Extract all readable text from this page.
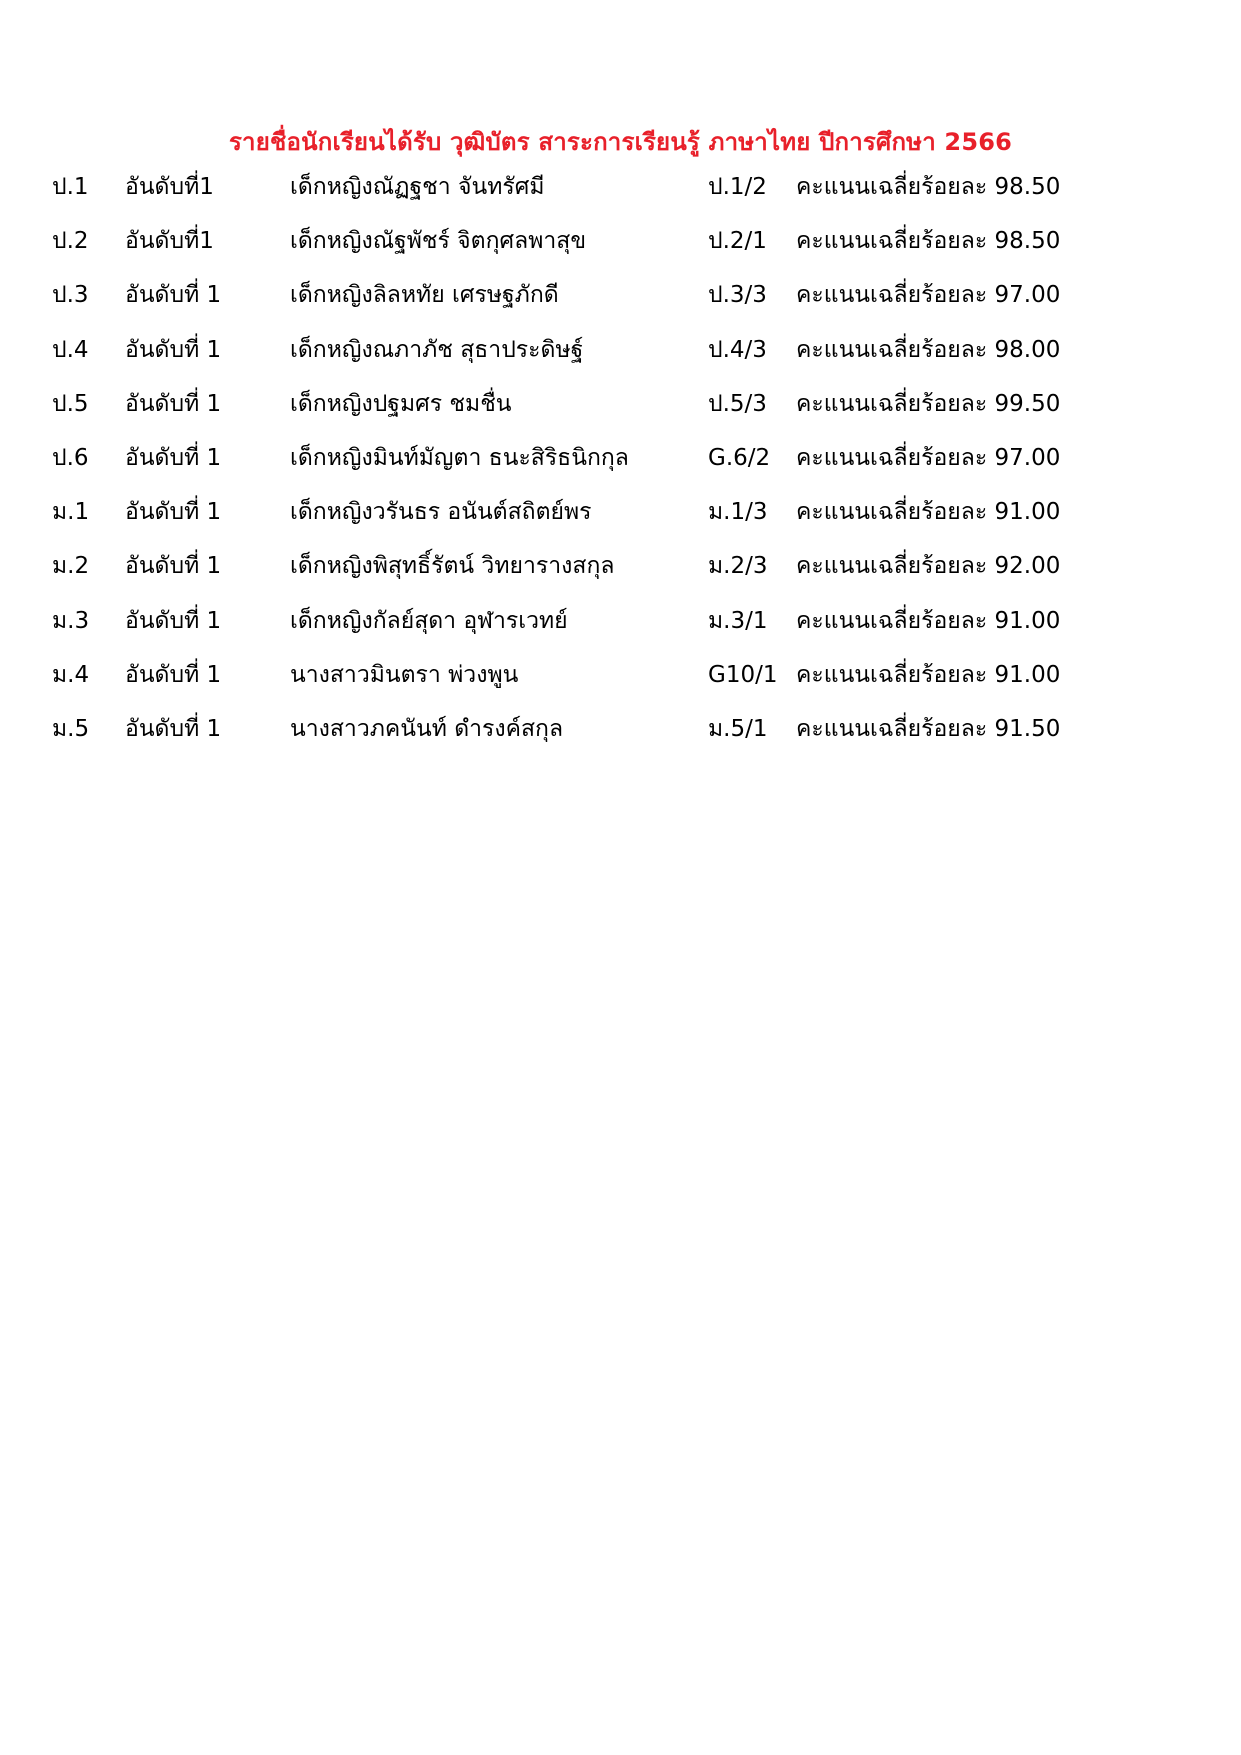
รายชื่อนักเรียนได้รับ วุฒิบัตร สาระการเรียนรู้ ภาษาไทย ปีการศึกษา 2566
ป.1 อันดับที่1	เด็กหญิงณัฏฐชา จันทรัศมี	ป.1/2 คะแนนเฉลี่ยร้อยละ 98.50
ป.2 อันดับที่1	เด็กหญิงณัฐพัชร์ จิตกุศลพาสุข	ป.2/1 คะแนนเฉลี่ยร้อยละ 98.50
ป.3 อันดับที่ 1	เด็กหญิงลิลหทัย เศรษฐภักดี	ป.3/3 คะแนนเฉลี่ยร้อยละ 97.00
ป.4 อันดับที่ 1	เด็กหญิงณภาภัช สุธาประดิษฐ์	ป.4/3 คะแนนเฉลี่ยร้อยละ 98.00
ป.5 อันดับที่ 1	เด็กหญิงปฐมศร ชมชื่น	ป.5/3 คะแนนเฉลี่ยร้อยละ 99.50
ป.6 อันดับที่ 1	เด็กหญิงมินท์มัญตา ธนะสิริธนิกกุล	G.6/2 คะแนนเฉลี่ยร้อยละ 97.00
ม.1 อันดับที่ 1	เด็กหญิงวรันธร อนันต์สถิตย์พร	ม.1/3 คะแนนเฉลี่ยร้อยละ 91.00
ม.2 อันดับที่ 1	เด็กหญิงพิสุทธิ์รัตน์ วิทยารางสกุล	ม.2/3 คะแนนเฉลี่ยร้อยละ 92.00
ม.3 อันดับที่ 1	เด็กหญิงกัลย์สุดา อุฬารเวทย์	ม.3/1 คะแนนเฉลี่ยร้อยละ 91.00
ม.4 อันดับที่ 1	นางสาวมินตรา พ่วงพูน	G10/1 คะแนนเฉลี่ยร้อยละ 91.00
ม.5 อันดับที่ 1	นางสาวภคนันท์ ดำรงค์สกุล	ม.5/1 คะแนนเฉลี่ยร้อยละ 91.50
